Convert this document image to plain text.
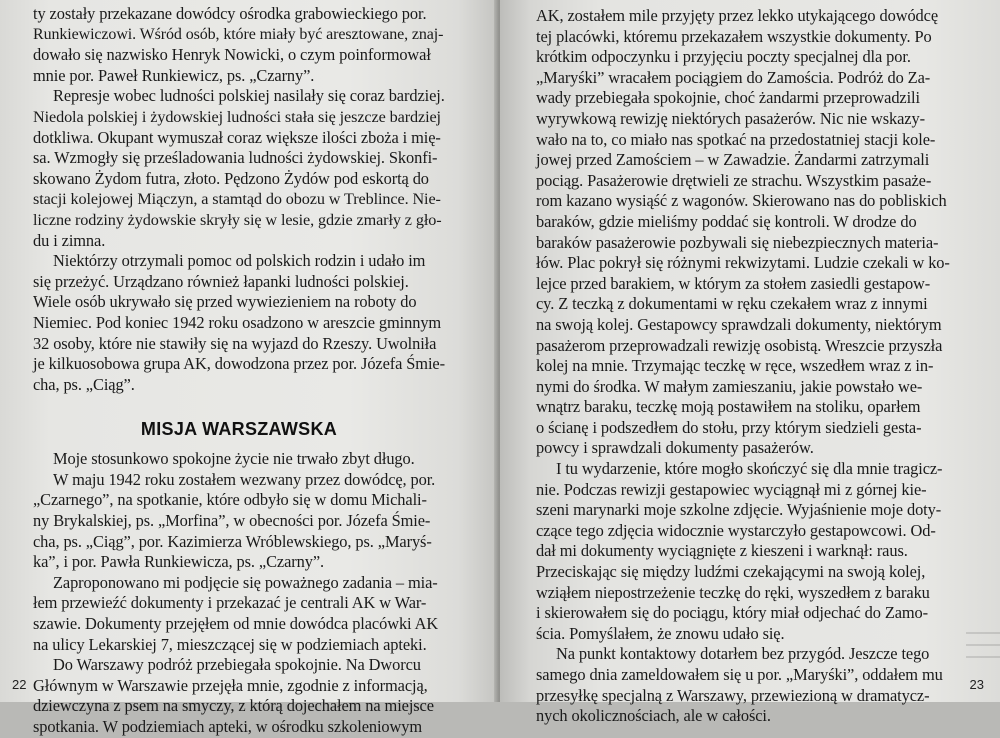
ty zostały przekazane dowódcy ośrodka grabowieckiego por.
Runkiewiczowi. Wśród osób, które miały być aresztowane, znaj-
dowało się nazwisko Henryk Nowicki, o czym poinformował
mnie por. Paweł Runkiewicz, ps. „Czarny”.
Represje wobec ludności polskiej nasilały się coraz bardziej.
Niedola polskiej i żydowskiej ludności stała się jeszcze bardziej
dotkliwa. Okupant wymuszał coraz większe ilości zboża i mię-
sa. Wzmogły się prześladowania ludności żydowskiej. Skonfi-
skowano Żydom futra, złoto. Pędzono Żydów pod eskortą do
stacji kolejowej Miączyn, a stamtąd do obozu w Treblince. Nie-
liczne rodziny żydowskie skryły się w lesie, gdzie zmarły z gło-
du i zimna.
Niektórzy otrzymali pomoc od polskich rodzin i udało im
się przeżyć. Urządzano również łapanki ludności polskiej.
Wiele osób ukrywało się przed wywiezieniem na roboty do
Niemiec. Pod koniec 1942 roku osadzono w areszcie gminnym
32 osoby, które nie stawiły się na wyjazd do Rzeszy. Uwolniła
je kilkuosobowa grupa AK, dowodzona przez por. Józefa Śmie-
cha, ps. „Ciąg”.
MISJA WARSZAWSKA
Moje stosunkowo spokojne życie nie trwało zbyt długo.
W maju 1942 roku zostałem wezwany przez dowódcę, por.
„Czarnego”, na spotkanie, które odbyło się w domu Michali-
ny Brykalskiej, ps. „Morfina”, w obecności por. Józefa Śmie-
cha, ps. „Ciąg”, por. Kazimierza Wróblewskiego, ps. „Maryś-
ka”, i por. Pawła Runkiewicza, ps. „Czarny”.
Zaproponowano mi podjęcie się poważnego zadania – mia-
łem przewieźć dokumenty i przekazać je centrali AK w War-
szawie. Dokumenty przejęłem od mnie dowódca placówki AK
na ulicy Lekarskiej 7, mieszczącej się w podziemiach apteki.
Do Warszawy podróż przebiegała spokojnie. Na Dworcu
Głównym w Warszawie przejęła mnie, zgodnie z informacją,
dziewczyna z psem na smyczy, z którą dojechałem na miejsce
spotkania. W podziemiach apteki, w ośrodku szkoleniowym
22
AK, zostałem mile przyjęty przez lekko utykającego dowódcę
tej placówki, któremu przekazałem wszystkie dokumenty. Po
krótkim odpoczynku i przyjęciu poczty specjalnej dla por.
„Maryśki” wracałem pociągiem do Zamościa. Podróż do Za-
wady przebiegała spokojnie, choć żandarmi przeprowadzili
wyrywkową rewizję niektórych pasażerów. Nic nie wskazy-
wało na to, co miało nas spotkać na przedostatniej stacji kole-
jowej przed Zamościem – w Zawadzie. Żandarmi zatrzymali
pociąg. Pasażerowie drętwieli ze strachu. Wszystkim pasaże-
rom kazano wysiąść z wagonów. Skierowano nas do pobliskich
baraków, gdzie mieliśmy poddać się kontroli. W drodze do
baraków pasażerowie pozbywali się niebezpiecznych materia-
łów. Plac pokrył się różnymi rekwizytami. Ludzie czekali w ko-
lejce przed barakiem, w którym za stołem zasiedli gestapow-
cy. Z teczką z dokumentami w ręku czekałem wraz z innymi
na swoją kolej. Gestapowcy sprawdzali dokumenty, niektórym
pasażerom przeprowadzali rewizję osobistą. Wreszcie przyszła
kolej na mnie. Trzymając teczkę w ręce, wszedłem wraz z in-
nymi do środka. W małym zamieszaniu, jakie powstało we-
wnątrz baraku, teczkę moją postawiłem na stoliku, oparłem
o ścianę i podszedłem do stołu, przy którym siedzieli gesta-
powcy i sprawdzali dokumenty pasażerów.
I tu wydarzenie, które mogło skończyć się dla mnie tragicz-
nie. Podczas rewizji gestapowiec wyciągnął mi z górnej kie-
szeni marynarki moje szkolne zdjęcie. Wyjaśnienie moje doty-
czące tego zdjęcia widocznie wystarczyło gestapowcowi. Od-
dał mi dokumenty wyciągnięte z kieszeni i warknął: raus.
Przeciskając się między ludźmi czekającymi na swoją kolej,
wziąłem niepostrzeżenie teczkę do ręki, wyszedłem z baraku
i skierowałem się do pociągu, który miał odjechać do Zamo-
ścia. Pomyślałem, że znowu udało się.
Na punkt kontaktowy dotarłem bez przygód. Jeszcze tego
samego dnia zameldowałem się u por. „Maryśki”, oddałem mu
przesyłkę specjalną z Warszawy, przewiezioną w dramatycz-
nych okolicznościach, ale w całości.
23
